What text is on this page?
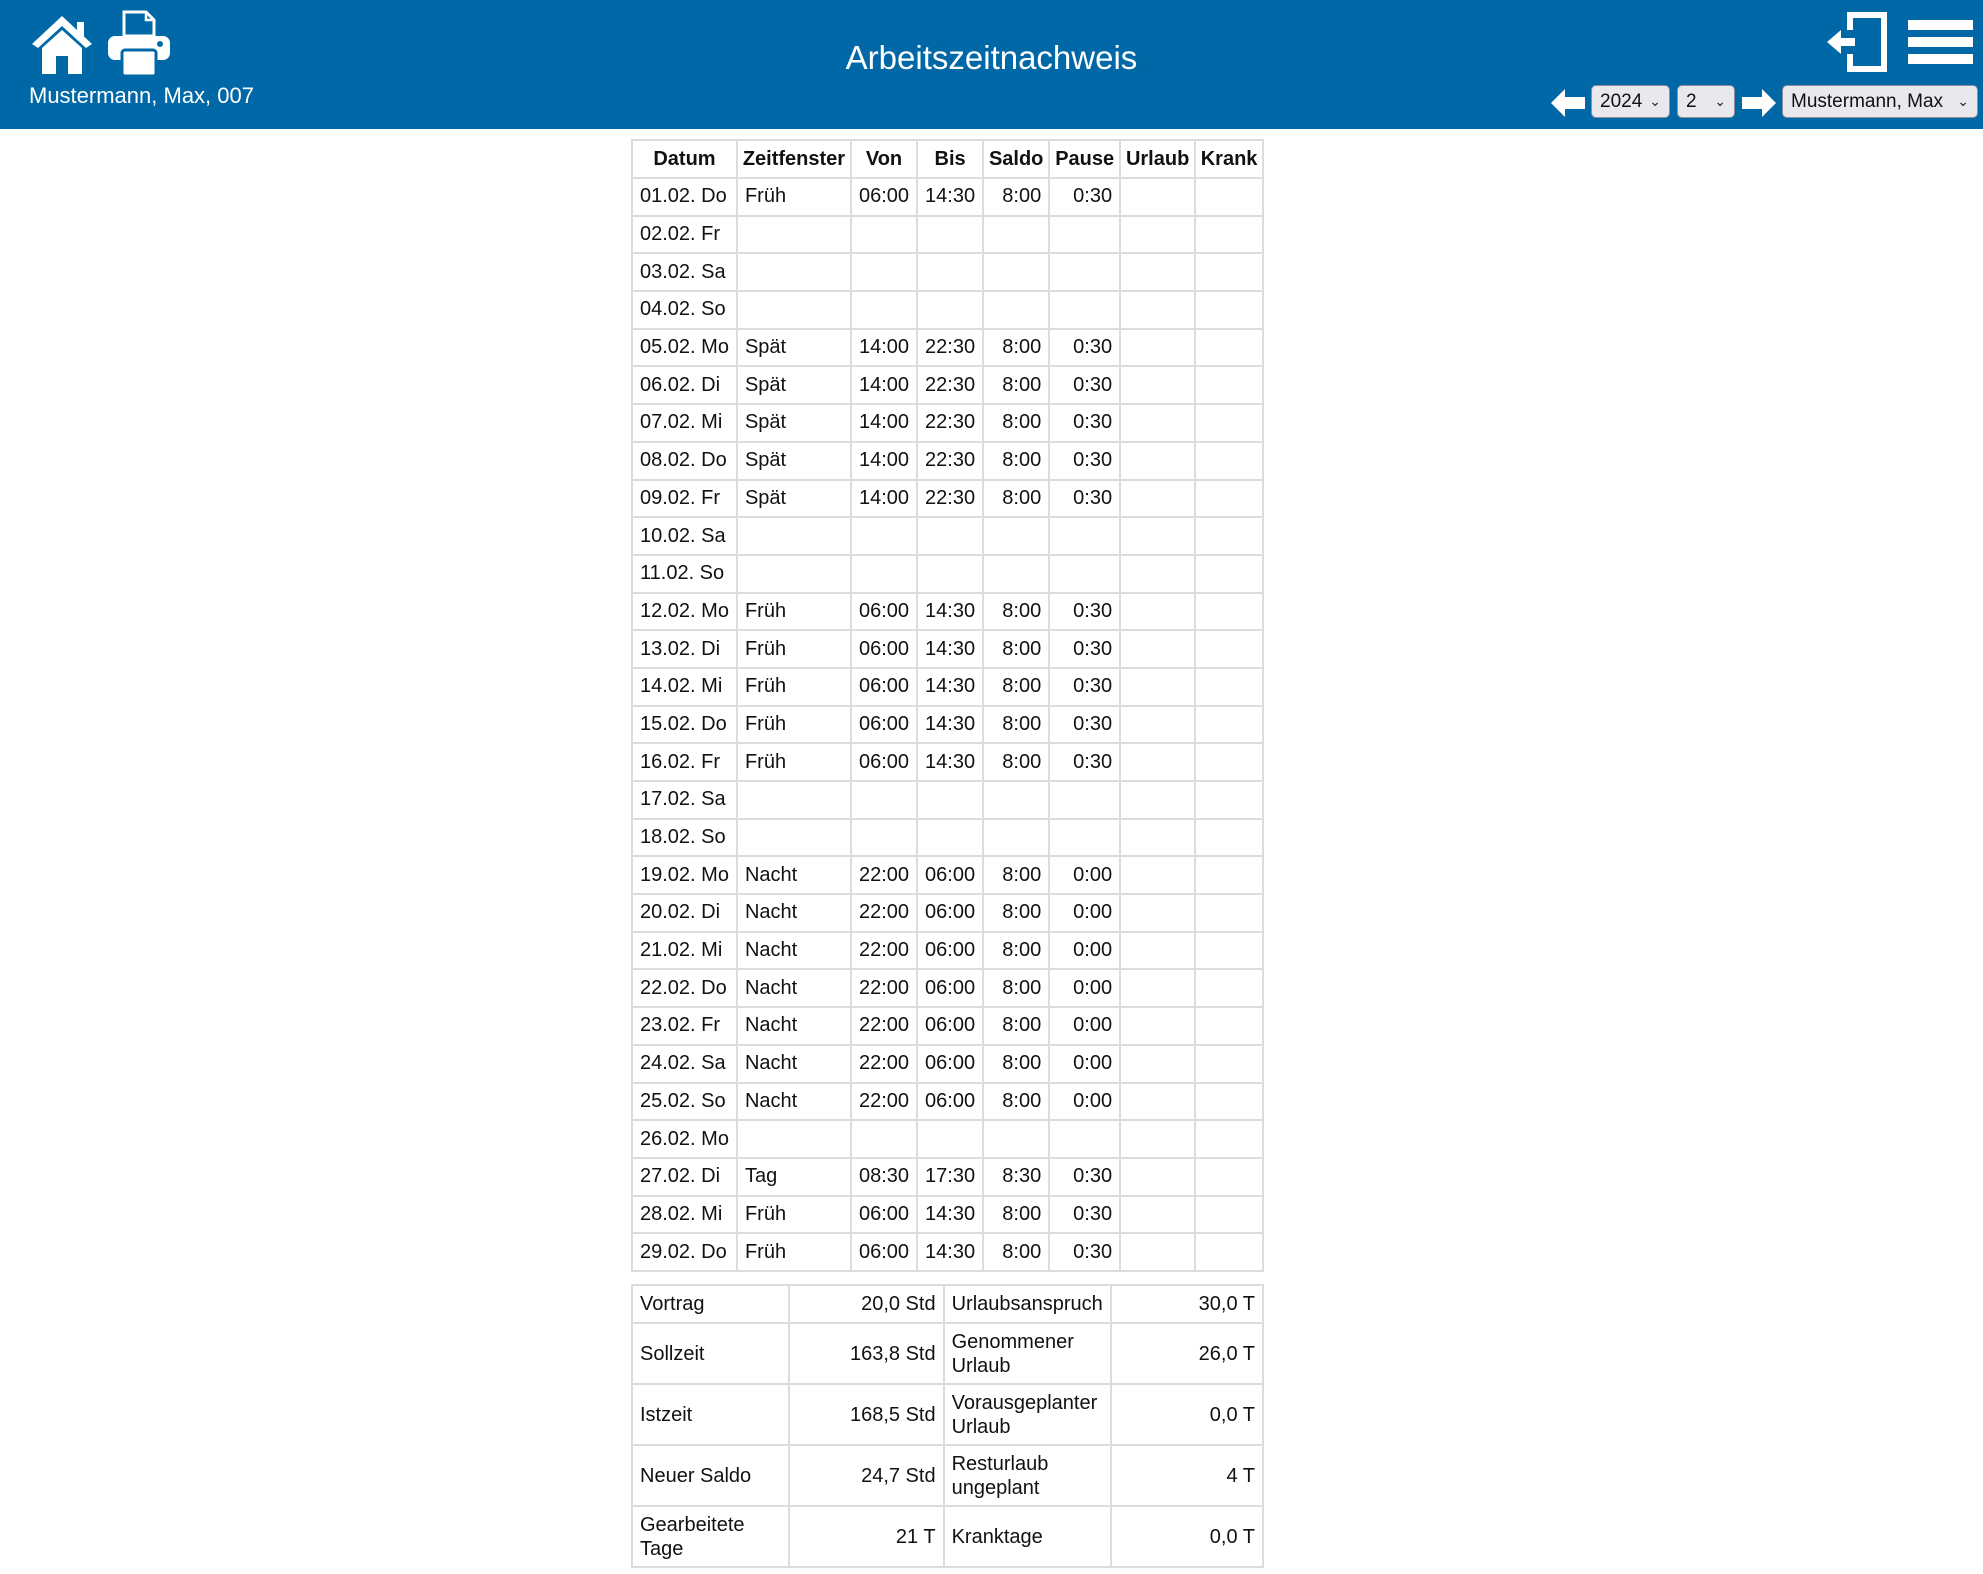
Mustermann, Max, 007
Arbeitszeitnachweis
2024 ⌄	2 ⌄	Mustermann, Max ⌄
Datum	Zeitfenster	Von	Bis	Saldo	Pause	Urlaub	Krank
01.02. Do	Früh	06:00	14:30	8:00	0:30		
02.02. Fr							
03.02. Sa							
04.02. So							
05.02. Mo	Spät	14:00	22:30	8:00	0:30		
06.02. Di	Spät	14:00	22:30	8:00	0:30		
07.02. Mi	Spät	14:00	22:30	8:00	0:30		
08.02. Do	Spät	14:00	22:30	8:00	0:30		
09.02. Fr	Spät	14:00	22:30	8:00	0:30		
10.02. Sa							
11.02. So							
12.02. Mo	Früh	06:00	14:30	8:00	0:30		
13.02. Di	Früh	06:00	14:30	8:00	0:30		
14.02. Mi	Früh	06:00	14:30	8:00	0:30		
15.02. Do	Früh	06:00	14:30	8:00	0:30		
16.02. Fr	Früh	06:00	14:30	8:00	0:30		
17.02. Sa							
18.02. So							
19.02. Mo	Nacht	22:00	06:00	8:00	0:00		
20.02. Di	Nacht	22:00	06:00	8:00	0:00		
21.02. Mi	Nacht	22:00	06:00	8:00	0:00		
22.02. Do	Nacht	22:00	06:00	8:00	0:00		
23.02. Fr	Nacht	22:00	06:00	8:00	0:00		
24.02. Sa	Nacht	22:00	06:00	8:00	0:00		
25.02. So	Nacht	22:00	06:00	8:00	0:00		
26.02. Mo							
27.02. Di	Tag	08:30	17:30	8:30	0:30		
28.02. Mi	Früh	06:00	14:30	8:00	0:30		
29.02. Do	Früh	06:00	14:30	8:00	0:30		
Vortrag	20,0 Std	Urlaubsanspruch	30,0 T
Sollzeit	163,8 Std	Genommener Urlaub	26,0 T
Istzeit	168,5 Std	Vorausgeplanter Urlaub	0,0 T
Neuer Saldo	24,7 Std	Resturlaub ungeplant	4 T
Gearbeitete Tage	21 T	Kranktage	0,0 T
